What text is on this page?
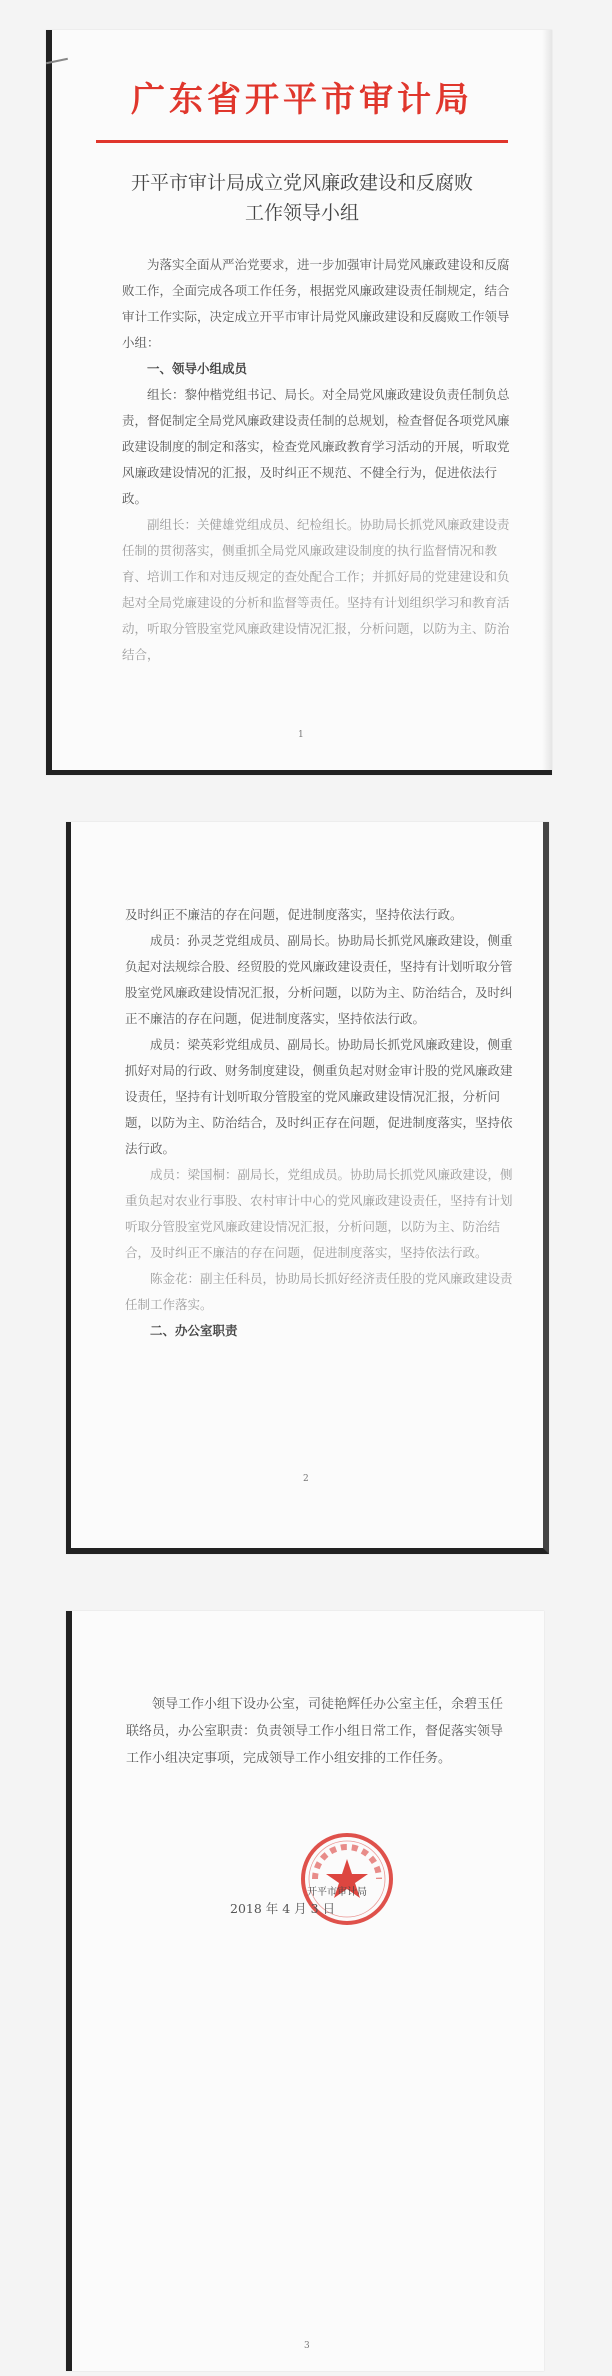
广东省开平市审计局
开平市审计局成立党风廉政建设和反腐败
工作领导小组

为落实全面从严治党要求，进一步加强审计局党风廉政建设和反腐败工作，全面完成各项工作任务，根据党风廉政建设责任制规定，结合审计工作实际，决定成立开平市审计局党风廉政建设和反腐败工作领导小组：

一、领导小组成员

组长：黎仲楷党组书记、局长。对全局党风廉政建设负责任制负总责，督促制定全局党风廉政建设责任制的总规划，检查督促各项党风廉政建设制度的制定和落实，检查党风廉政教育学习活动的开展，听取党风廉政建设情况的汇报，及时纠正不规范、不健全行为，促进依法行政。

副组长：关健雄党组成员、纪检组长。协助局长抓党风廉政建设责任制的贯彻落实，侧重抓全局党风廉政建设制度的执行监督情况和教育、培训工作和对违反规定的查处配合工作；并抓好局的党建建设和负起对全局党廉建设的分析和监督等责任。坚持有计划组织学习和教育活动，听取分管股室党风廉政建设情况汇报，分析问题，以防为主、防治结合，

1

及时纠正不廉洁的存在问题，促进制度落实，坚持依法行政。

成员：孙灵芝党组成员、副局长。协助局长抓党风廉政建设，侧重负起对法规综合股、经贸股的党风廉政建设责任，坚持有计划听取分管股室党风廉政建设情况汇报，分析问题，以防为主、防治结合，及时纠正不廉洁的存在问题，促进制度落实，坚持依法行政。

成员：梁英彩党组成员、副局长。协助局长抓党风廉政建设，侧重抓好对局的行政、财务制度建设，侧重负起对财金审计股的党风廉政建设责任，坚持有计划听取分管股室的党风廉政建设情况汇报，分析问题，以防为主、防治结合，及时纠正存在问题，促进制度落实，坚持依法行政。

成员：梁国桐：副局长，党组成员。协助局长抓党风廉政建设，侧重负起对农业行事股、农村审计中心的党风廉政建设责任，坚持有计划听取分管股室党风廉政建设情况汇报，分析问题，以防为主、防治结合，及时纠正不廉洁的存在问题，促进制度落实，坚持依法行政。

陈金花：副主任科员，协助局长抓好经济责任股的党风廉政建设责任制工作落实。

二、办公室职责

2

领导工作小组下设办公室，司徒艳辉任办公室主任，余碧玉任联络员，办公室职责：负责领导工作小组日常工作，督促落实领导工作小组决定事项，完成领导工作小组安排的工作任务。

开平市审计局
2018 年 4 月 3 日
3
